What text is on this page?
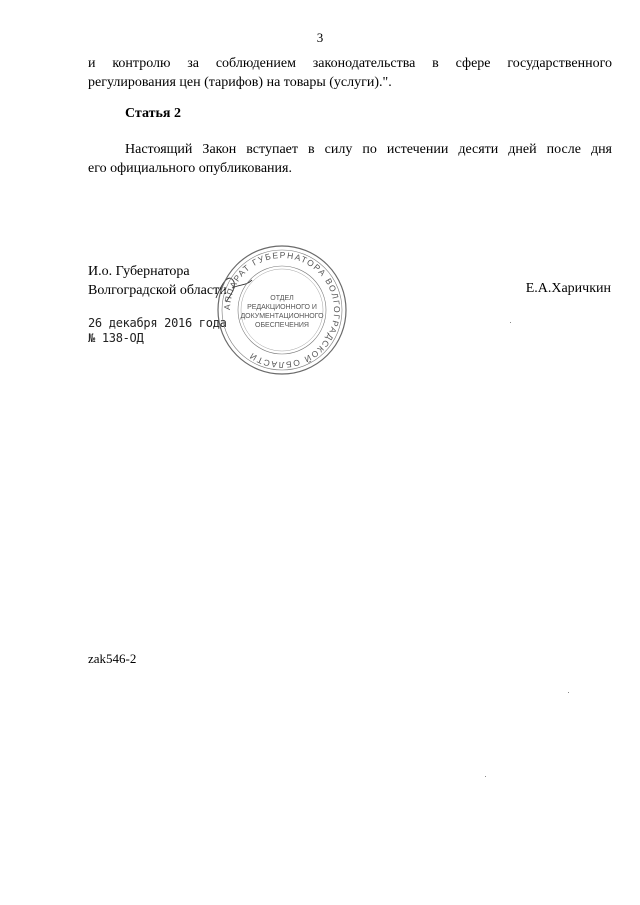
3
и контролю за соблюдением законодательства в сфере государственного
регулирования цен (тарифов) на товары (услуги).".
Статья 2
Настоящий Закон вступает в силу по истечении десяти дней после дня
его официального опубликования.
И.о. Губернатора
Волгоградской области	Е.А.Харичкин
26 декабря 2016 года
№ 138-ОД
АППАРАТ ГУБЕРНАТОРА ВОЛГОГРАДСКОЙ ОБЛАСТИ
ОТДЕЛ
РЕДАКЦИОННОГО И
ДОКУМЕНТАЦИОННОГО
ОБЕСПЕЧЕНИЯ
zak546-2
